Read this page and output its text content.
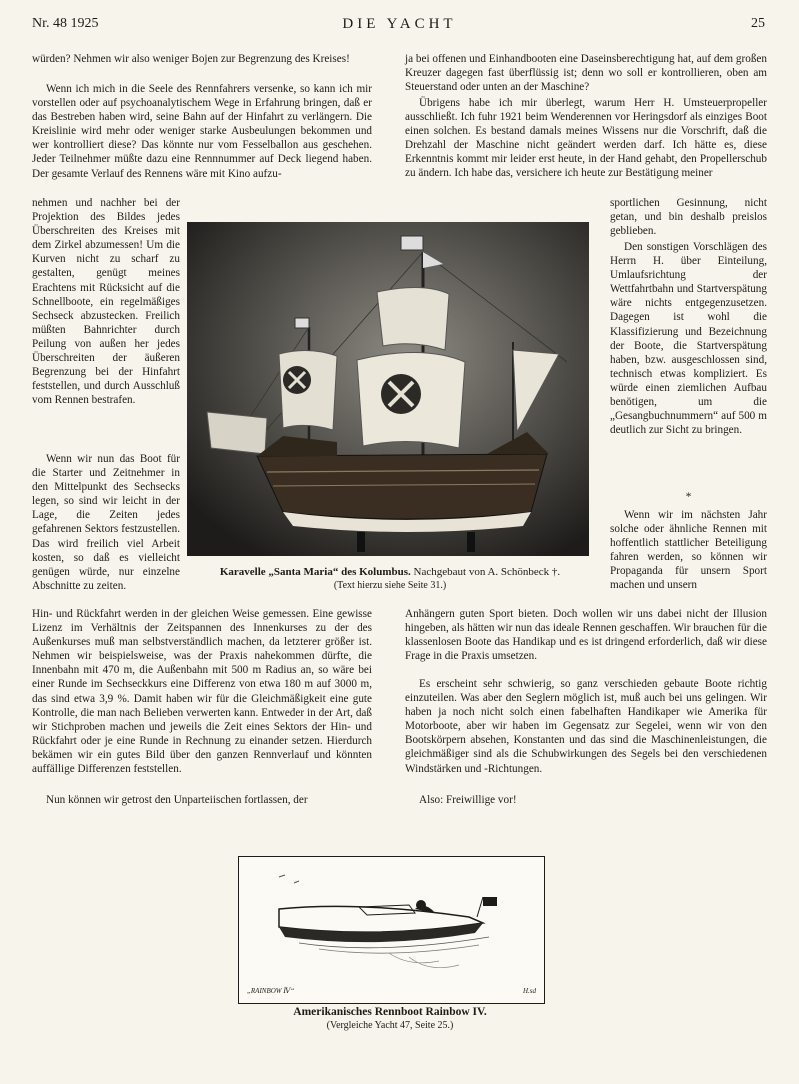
Nr. 48 1925	DIE YACHT	25

würden? Nehmen wir also weniger Bojen zur Begrenzung des Kreises!

Wenn ich mich in die Seele des Rennfahrers versenke, so kann ich mir vorstellen oder auf psychoanalytischem Wege in Erfahrung bringen, daß er das Bestreben haben wird, seine Bahn auf der Hinfahrt zu verlängern. Die Kreislinie wird mehr oder weniger starke Ausbeulungen bekommen und wer kontrolliert diese? Das könnte nur vom Fesselballon aus geschehen. Jeder Teilnehmer müßte dazu eine Rennnummer auf Deck liegend haben. Der gesamte Verlauf des Rennens wäre mit Kino aufzu-

nehmen und nachher bei der Projektion des Bildes jedes Überschreiten des Kreises mit dem Zirkel abzumessen! Um die Kurven nicht zu scharf zu gestalten, genügt meines Erachtens mit Rücksicht auf die Schnellboote, ein regelmäßiges Sechseck abzustecken. Freilich müßten Bahnrichter durch Peilung von außen her jedes Überschreiten der äußeren Begrenzung bei der Hinfahrt feststellen, und durch Ausschluß vom Rennen bestrafen.

Wenn wir nun das Boot für die Starter und Zeitnehmer in den Mittelpunkt des Sechsecks legen, so sind wir leicht in der Lage, die Zeiten jedes gefahrenen Sektors festzustellen. Das wird freilich viel Arbeit kosten, so daß es vielleicht genügen würde, nur einzelne Abschnitte zu zeiten.

Hin- und Rückfahrt werden in der gleichen Weise gemessen. Eine gewisse Lizenz im Verhältnis der Zeitspannen des Innenkurses zu der des Außenkurses muß man selbstverständlich machen, da letzterer größer ist. Nehmen wir beispielsweise, was der Praxis nahekommen dürfte, die Innenbahn mit 470 m, die Außenbahn mit 500 m Radius an, so wäre bei einer Runde im Sechseckkurs eine Differenz von etwa 180 m auf 3000 m, das sind etwa 3,9 %. Damit haben wir für die Gleichmäßigkeit eine gute Kontrolle, die man nach Belieben verwerten kann. Entweder in der Art, daß wir Stichproben machen und jeweils die Zeit eines Sektors der Hin- und Rückfahrt oder je eine Runde in Rechnung zu einander setzen. Hierdurch bekämen wir ein gutes Bild über den ganzen Rennverlauf und könnten auffällige Differenzen feststellen.

Nun können wir getrost den Unparteiischen fortlassen, der

ja bei offenen und Einhandbooten eine Daseinsberechtigung hat, auf dem großen Kreuzer dagegen fast überflüssig ist; denn wo soll er kontrollieren, oben am Steuerstand oder unten an der Maschine?

Übrigens habe ich mir überlegt, warum Herr H. Umsteuerpropeller ausschließt. Ich fuhr 1921 beim Wenderennen vor Heringsdorf als einziges Boot einen solchen. Es bestand damals meines Wissens nur die Vorschrift, daß die Drehzahl der Maschine nicht geändert werden darf. Ich hätte es, diese Erkenntnis kommt mir leider erst heute, in der Hand gehabt, den Propellerschub zu ändern. Ich habe das, versichere ich heute zur Bestätigung meiner

sportlichen Gesinnung, nicht getan, und bin deshalb preislos geblieben.

Den sonstigen Vorschlägen des Herrn H. über Einteilung, Umlaufsrichtung der Wettfahrtbahn und Startverspätung wäre nichts entgegenzusetzen. Dagegen ist wohl die Klassifizierung und Bezeichnung der Boote, die Startverspätung haben, bzw. ausgeschlossen sind, technisch etwas kompliziert. Es würde einen ziemlichen Aufbau benötigen, um die „Gesangbuchnummern“ auf 500 m deutlich zur Sicht zu bringen.

*

Wenn wir im nächsten Jahr solche oder ähnliche Rennen mit hoffentlich stattlicher Beteiligung fahren werden, so können wir Propaganda für unsern Sport machen und unsern

Anhängern guten Sport bieten. Doch wollen wir uns dabei nicht der Illusion hingeben, als hätten wir nun das ideale Rennen geschaffen. Wir brauchen für die klassenlosen Boote das Handikap und es ist dringend erforderlich, daß wir diese Frage in die Praxis umsetzen.

Es erscheint sehr schwierig, so ganz verschieden gebaute Boote richtig einzuteilen. Was aber den Seglern möglich ist, muß auch bei uns gelingen. Wir haben ja noch nicht solch einen fabelhaften Handikaper wie Amerika für Motorboote, aber wir haben im Gegensatz zur Segelei, wenn wir von den Bootskörpern absehen, Konstanten und das sind die Maschinenleistungen, die gleichmäßiger sind als die Schubwirkungen des Segels bei den verschiedenen Windstärken und -Richtungen.

Also: Freiwillige vor!

Karavelle „Santa Maria“ des Kolumbus. Nachgebaut von A. Schönbeck †.
(Text hierzu siehe Seite 31.)
„RAINBOW Ⅳ“	H.sd
Amerikanisches Rennboot Rainbow IV.
(Vergleiche Yacht 47, Seite 25.)
